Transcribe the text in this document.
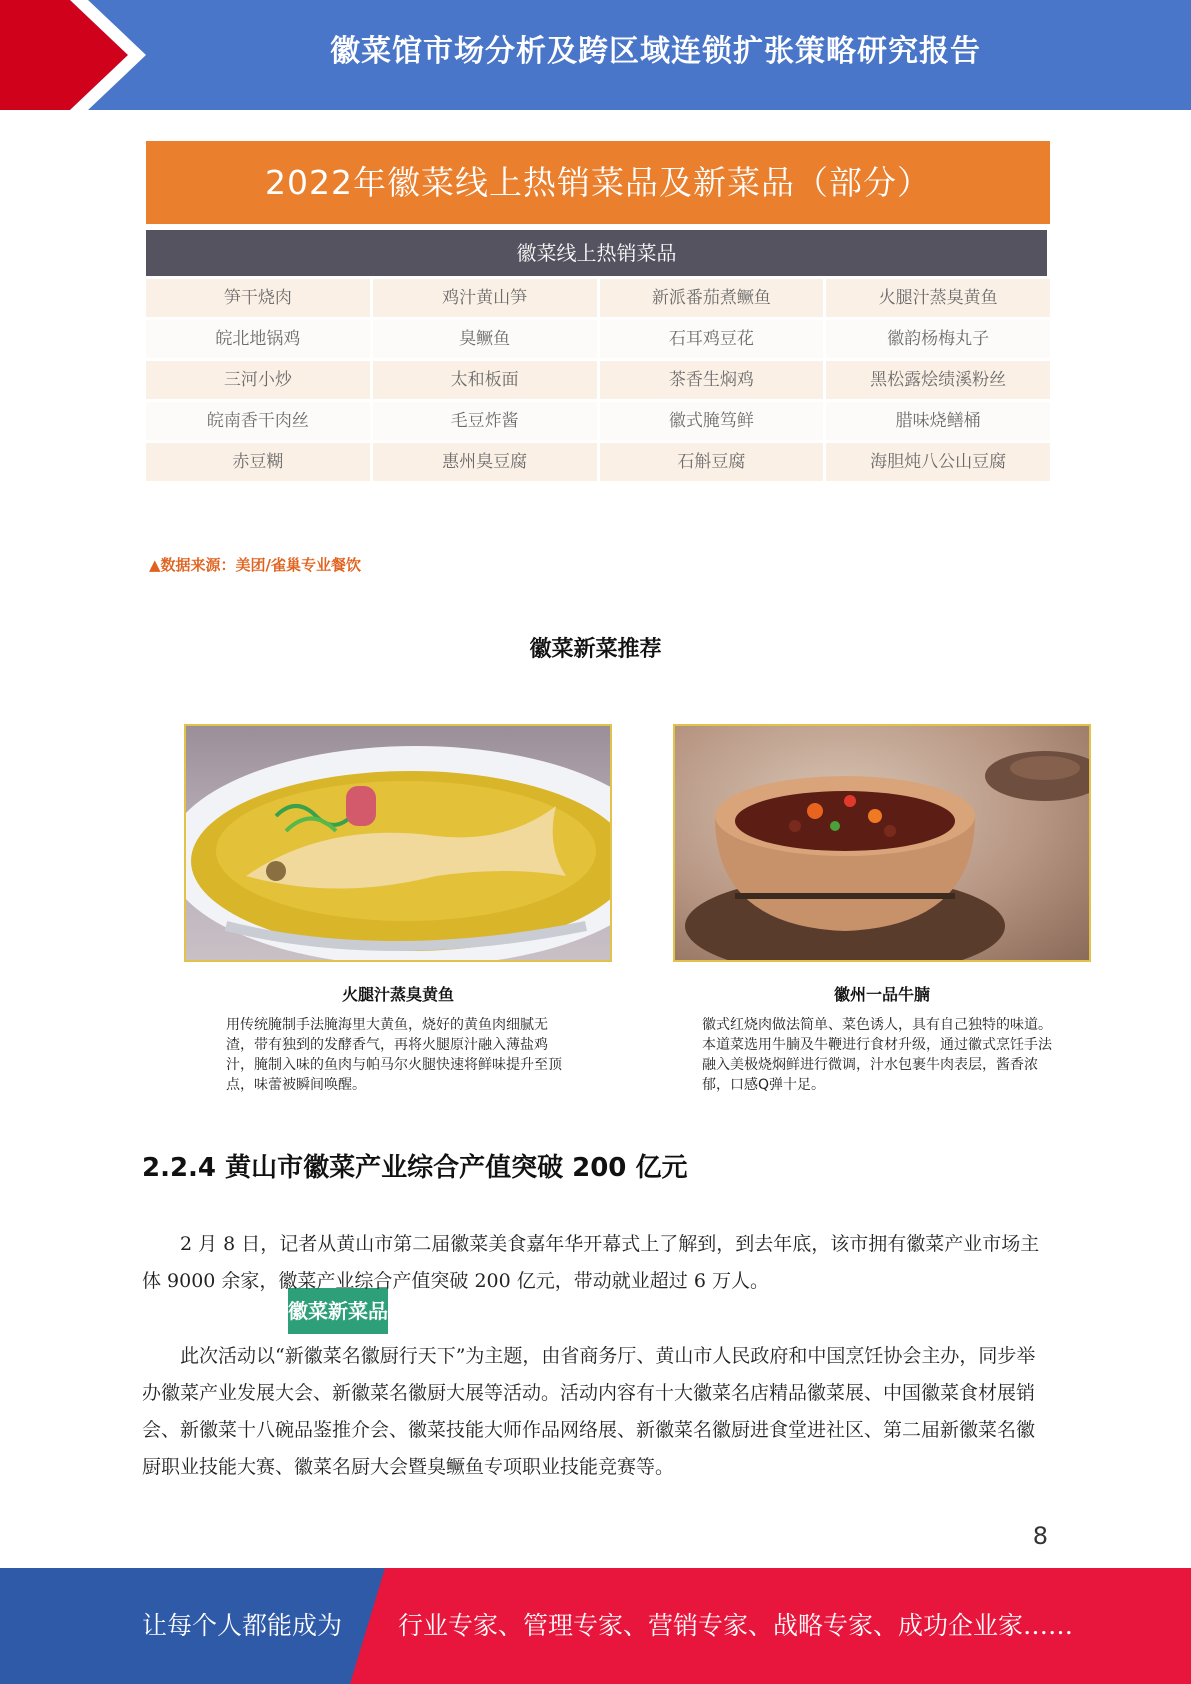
徽菜馆市场分析及跨区域连锁扩张策略研究报告
2022年徽菜线上热销菜品及新菜品（部分）
徽菜线上热销菜品
徽菜新菜品
笋干烧肉	鸡汁黄山笋	新派番茄煮鳜鱼	火腿汁蒸臭黄鱼
皖北地锅鸡	臭鳜鱼	石耳鸡豆花	徽韵杨梅丸子
三河小炒	太和板面	茶香生焖鸡	黑松露烩绩溪粉丝
皖南香干肉丝	毛豆炸酱	徽式腌笃鲜	腊味烧鳝桶
赤豆糊	惠州臭豆腐	石斛豆腐	海胆炖八公山豆腐
▲数据来源：美团/雀巢专业餐饮
徽菜新菜推荐
火腿汁蒸臭黄鱼
用传统腌制手法腌海里大黄鱼，烧好的黄鱼肉细腻无渣，带有独到的发酵香气，再将火腿原汁融入薄盐鸡汁，腌制入味的鱼肉与帕马尔火腿快速将鲜味提升至顶点，味蕾被瞬间唤醒。
徽州一品牛腩
徽式红烧肉做法简单、菜色诱人，具有自己独特的味道。本道菜选用牛腩及牛鞭进行食材升级，通过徽式烹饪手法融入美极烧焖鲜进行微调，汁水包裹牛肉表层，酱香浓郁，口感Q弹十足。
2.2.4 黄山市徽菜产业综合产值突破 200 亿元
2 月 8 日，记者从黄山市第二届徽菜美食嘉年华开幕式上了解到，到去年底，该市拥有徽菜产业市场主体 9000 余家，徽菜产业综合产值突破 200 亿元，带动就业超过 6 万人。
此次活动以“新徽菜名徽厨行天下”为主题，由省商务厅、黄山市人民政府和中国烹饪协会主办，同步举办徽菜产业发展大会、新徽菜名徽厨大展等活动。活动内容有十大徽菜名店精品徽菜展、中国徽菜食材展销会、新徽菜十八碗品鉴推介会、徽菜技能大师作品网络展、新徽菜名徽厨进食堂进社区、第二届新徽菜名徽厨职业技能大赛、徽菜名厨大会暨臭鳜鱼专项职业技能竞赛等。
8
让每个人都能成为 行业专家、管理专家、营销专家、战略专家、成功企业家……
